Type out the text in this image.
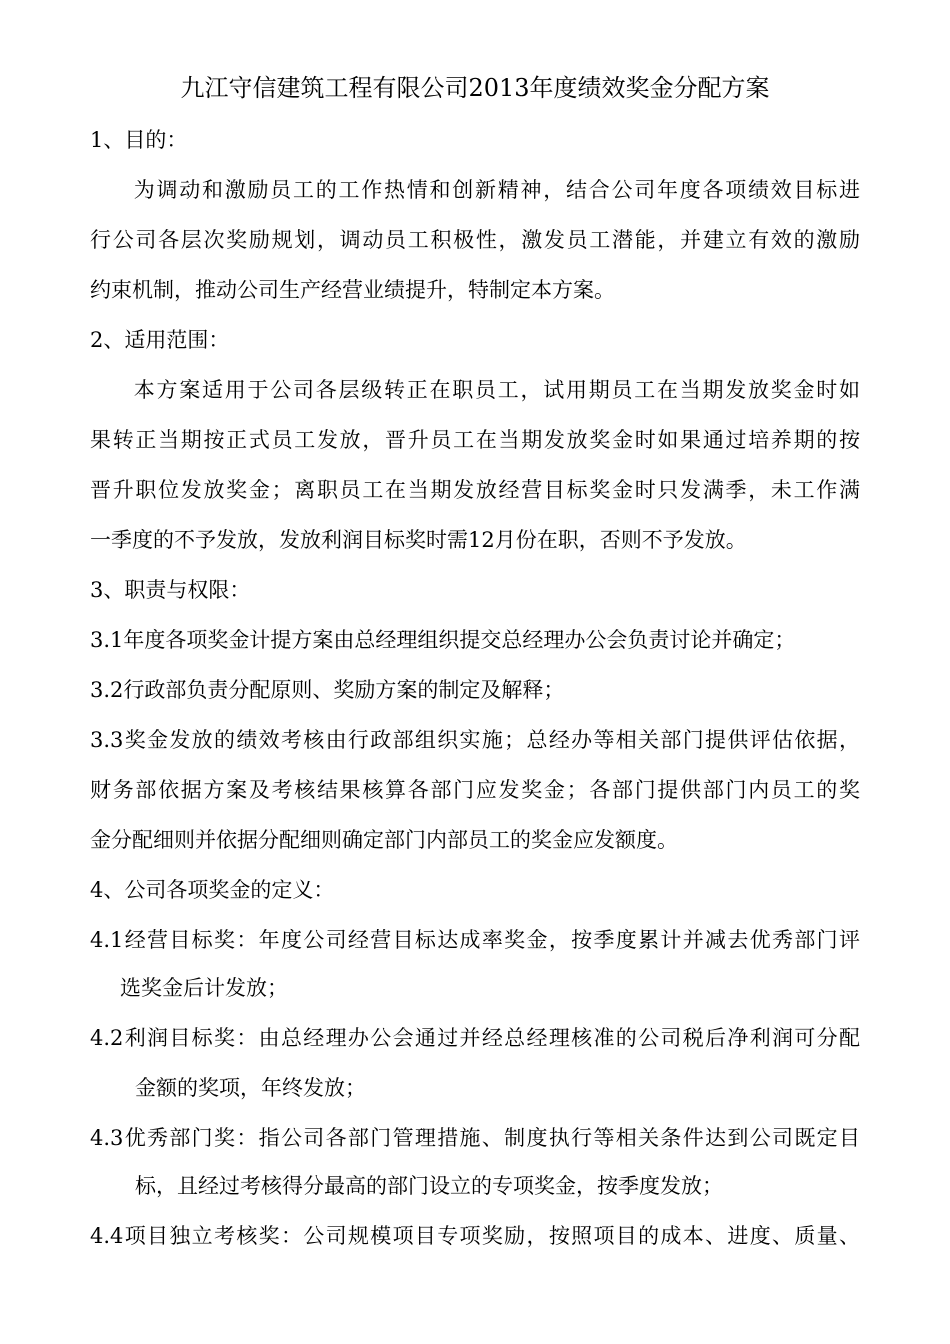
九江守信建筑工程有限公司2013年度绩效奖金分配方案
1、目的：
为调动和激励员工的工作热情和创新精神，结合公司年度各项绩效目标进
行公司各层次奖励规划，调动员工积极性，激发员工潜能，并建立有效的激励
约束机制，推动公司生产经营业绩提升，特制定本方案。
2、适用范围：
本方案适用于公司各层级转正在职员工，试用期员工在当期发放奖金时如
果转正当期按正式员工发放，晋升员工在当期发放奖金时如果通过培养期的按
晋升职位发放奖金；离职员工在当期发放经营目标奖金时只发满季，未工作满
一季度的不予发放，发放利润目标奖时需12月份在职，否则不予发放。
3、职责与权限：
3.1年度各项奖金计提方案由总经理组织提交总经理办公会负责讨论并确定；
3.2行政部负责分配原则、奖励方案的制定及解释；
3.3奖金发放的绩效考核由行政部组织实施；总经办等相关部门提供评估依据，
财务部依据方案及考核结果核算各部门应发奖金；各部门提供部门内员工的奖
金分配细则并依据分配细则确定部门内部员工的奖金应发额度。
4、公司各项奖金的定义：
4.1经营目标奖：年度公司经营目标达成率奖金，按季度累计并减去优秀部门评
选奖金后计发放；
4.2利润目标奖：由总经理办公会通过并经总经理核准的公司税后净利润可分配
金额的奖项，年终发放；
4.3优秀部门奖：指公司各部门管理措施、制度执行等相关条件达到公司既定目
标，且经过考核得分最高的部门设立的专项奖金，按季度发放；
4.4项目独立考核奖：公司规模项目专项奖励，按照项目的成本、进度、质量、
